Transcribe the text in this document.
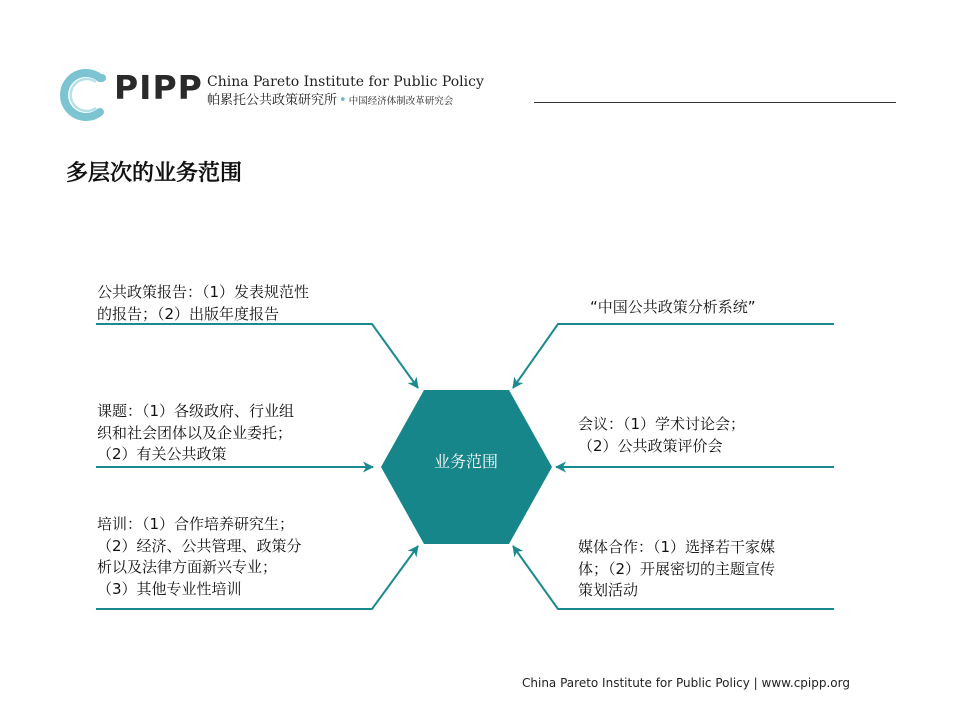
PIPP China Pareto Institute for Public Policy
帕累托公共政策研究所 • 中国经济体制改革研究会
多层次的业务范围
业务范围
公共政策报告：（1）发表规范性
的报告；（2）出版年度报告
课题：（1）各级政府、行业组
织和社会团体以及企业委托；
（2）有关公共政策
培训：（1）合作培养研究生；
（2）经济、公共管理、政策分
析以及法律方面新兴专业；
（3）其他专业性培训
“中国公共政策分析系统”
会议：（1）学术讨论会；
（2）公共政策评价会
媒体合作：（1）选择若干家媒
体；（2）开展密切的主题宣传
策划活动
China Pareto Institute for Public Policy | www.cpipp.org
